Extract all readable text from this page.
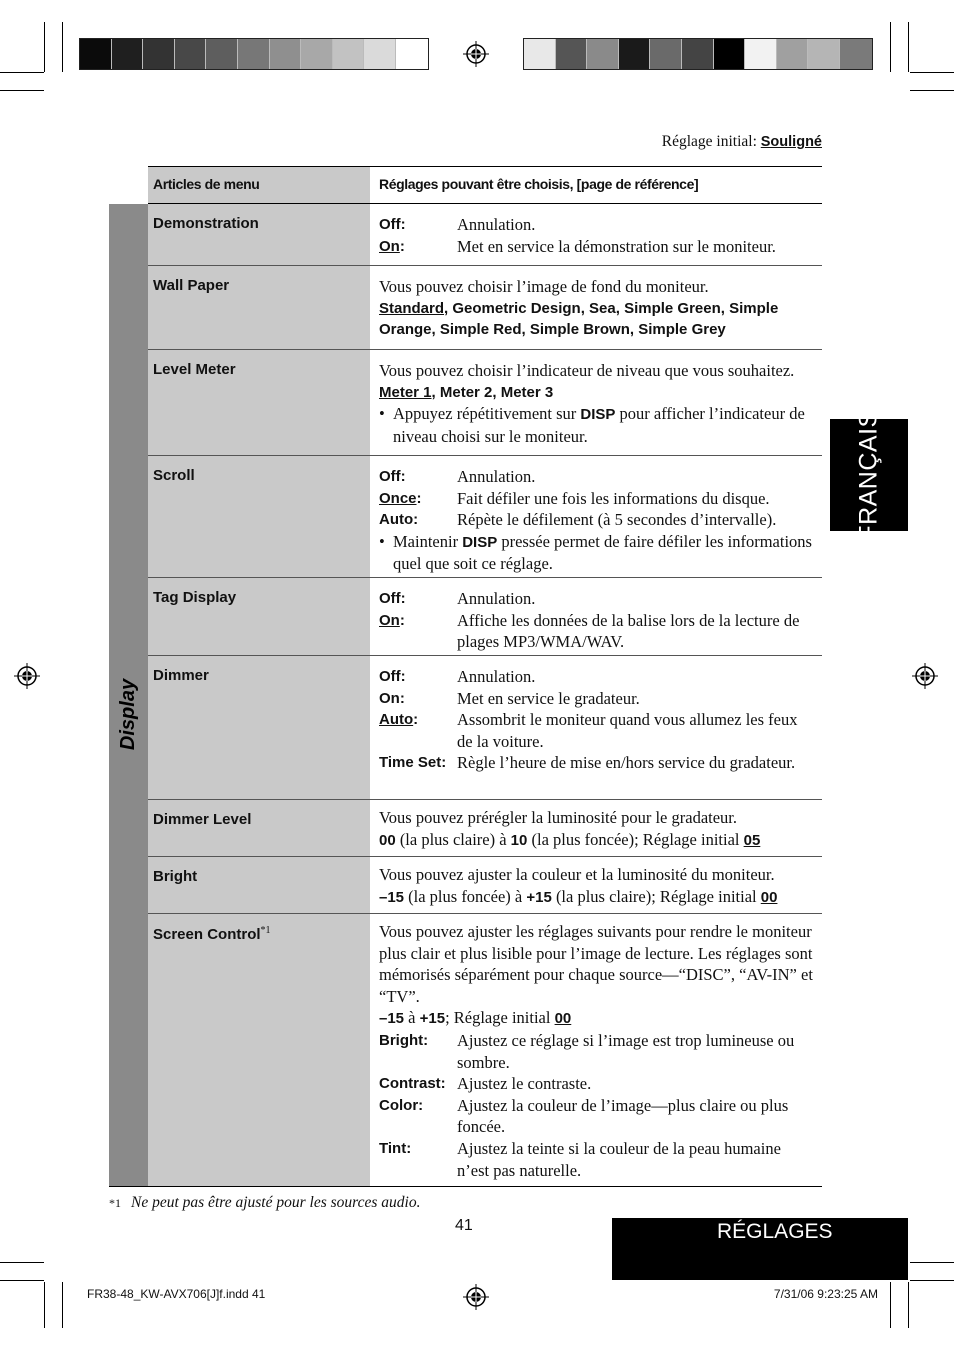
Réglage initial: Souligné
Articles de menu	Réglages pouvant être choisis, [page de référence]
Display
Demonstration	Off:	Annulation.
On:	Met en service la démonstration sur le moniteur.
Wall Paper	Vous pouvez choisir l’image de fond du moniteur.
Standard, Geometric Design, Sea, Simple Green, Simple Orange, Simple Red, Simple Brown, Simple Grey
Level Meter	Vous pouvez choisir l’indicateur de niveau que vous souhaitez.
Meter 1, Meter 2, Meter 3
• Appuyez répétitivement sur DISP pour afficher l’indicateur de niveau choisi sur le moniteur.
Scroll	Off:	Annulation.
Once:	Fait défiler une fois les informations du disque.
Auto:	Répète le défilement (à 5 secondes d’intervalle).
• Maintenir DISP pressée permet de faire défiler les informations quel que soit ce réglage.
Tag Display	Off:	Annulation.
On:	Affiche les données de la balise lors de la lecture de plages MP3/WMA/WAV.
Dimmer	Off:	Annulation.
On:	Met en service le gradateur.
Auto:	Assombrit le moniteur quand vous allumez les feux de la voiture.
Time Set: Règle l’heure de mise en/hors service du gradateur.
Dimmer Level	Vous pouvez prérégler la luminosité pour le gradateur.
00 (la plus claire) à 10 (la plus foncée); Réglage initial 05
Bright	Vous pouvez ajuster la couleur et la luminosité du moniteur.
–15 (la plus foncée) à +15 (la plus claire); Réglage initial 00
Screen Control$^{*1}$	Vous pouvez ajuster les réglages suivants pour rendre le moniteur plus clair et plus lisible pour l’image de lecture. Les réglages sont mémorisés séparément pour chaque source—“DISC”, “AV-IN” et “TV”.
–15 à +15; Réglage initial 00
Bright:	Ajustez ce réglage si l’image est trop lumineuse ou sombre.
Contrast: Ajustez le contraste.
Color:	Ajustez la couleur de l’image—plus claire ou plus foncée.
Tint:	Ajustez la teinte si la couleur de la peau humaine n’est pas naturelle.
FRANÇAIS
*1 Ne peut pas être ajusté pour les sources audio.
41	RÉGLAGES
FR38-48_KW-AVX706[J]f.indd 41	7/31/06 9:23:25 AM
